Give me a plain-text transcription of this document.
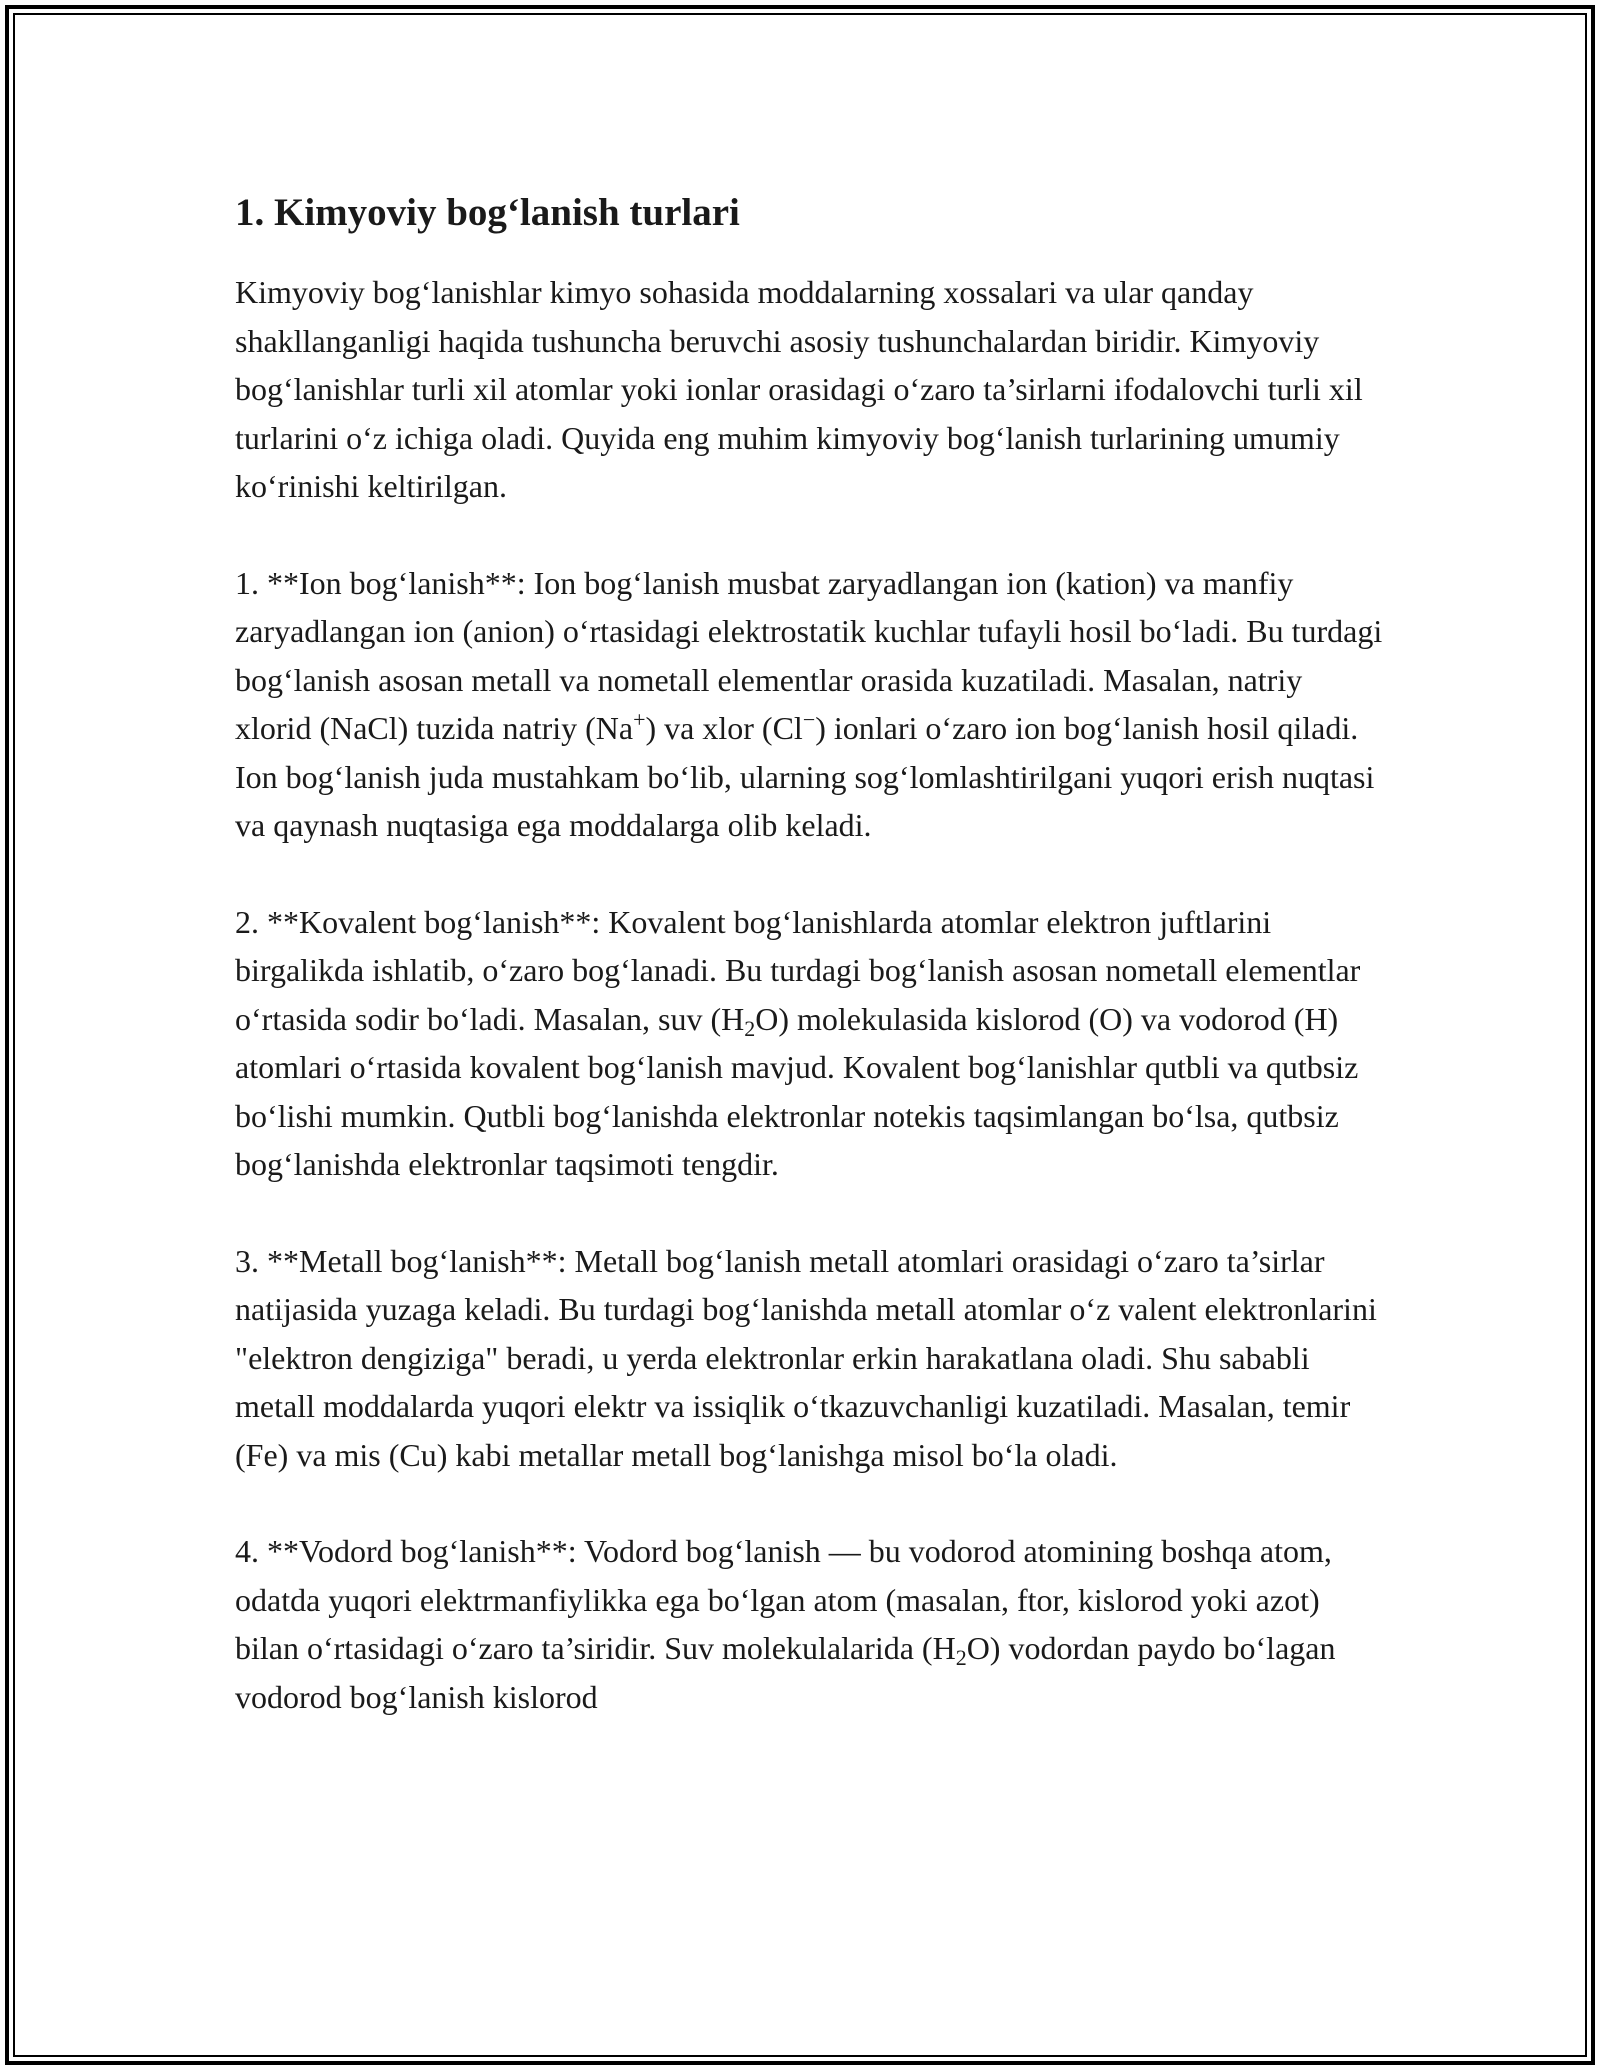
1. Kimyoviy bog‘lanish turlari

Kimyoviy bog‘lanishlar kimyo sohasida moddalarning xossalari va ular qanday shakllanganligi haqida tushuncha beruvchi asosiy tushunchalardan biridir. Kimyoviy bog‘lanishlar turli xil atomlar yoki ionlar orasidagi o‘zaro ta’sirlarni ifodalovchi turli xil turlarini o‘z ichiga oladi. Quyida eng muhim kimyoviy bog‘lanish turlarining umumiy ko‘rinishi keltirilgan.

1. **Ion bog‘lanish**: Ion bog‘lanish musbat zaryadlangan ion (kation) va manfiy zaryadlangan ion (anion) o‘rtasidagi elektrostatik kuchlar tufayli hosil bo‘ladi. Bu turdagi bog‘lanish asosan metall va nometall elementlar orasida kuzatiladi. Masalan, natriy xlorid (NaCl) tuzida natriy (Na+) va xlor (Cl−) ionlari o‘zaro ion bog‘lanish hosil qiladi. Ion bog‘lanish juda mustahkam bo‘lib, ularning sog‘lomlashtirilgani yuqori erish nuqtasi va qaynash nuqtasiga ega moddalarga olib keladi.

2. **Kovalent bog‘lanish**: Kovalent bog‘lanishlarda atomlar elektron juftlarini birgalikda ishlatib, o‘zaro bog‘lanadi. Bu turdagi bog‘lanish asosan nometall elementlar o‘rtasida sodir bo‘ladi. Masalan, suv $(H_2O)$ molekulasida kislorod (O) va vodorod (H) atomlari o‘rtasida kovalent bog‘lanish mavjud. Kovalent bog‘lanishlar qutbli va qutbsiz bo‘lishi mumkin. Qutbli bog‘lanishda elektronlar notekis taqsimlangan bo‘lsa, qutbsiz bog‘lanishda elektronlar taqsimoti tengdir.

3. **Metall bog‘lanish**: Metall bog‘lanish metall atomlari orasidagi o‘zaro ta’sirlar natijasida yuzaga keladi. Bu turdagi bog‘lanishda metall atomlar o‘z valent elektronlarini "elektron dengiziga" beradi, u yerda elektronlar erkin harakatlana oladi. Shu sababli metall moddalarda yuqori elektr va issiqlik o‘tkazuvchanligi kuzatiladi. Masalan, temir (Fe) va mis (Cu) kabi metallar metall bog‘lanishga misol bo‘la oladi.

4. **Vodord bog‘lanish**: Vodord bog‘lanish — bu vodorod atomining boshqa atom, odatda yuqori elektrmanfiylikka ega bo‘lgan atom (masalan, ftor, kislorod yoki azot) bilan o‘rtasidagi o‘zaro ta’siridir. Suv molekulalarida $(H_2O)$ vodordan paydo bo‘lagan vodorod bog‘lanish kislorod
